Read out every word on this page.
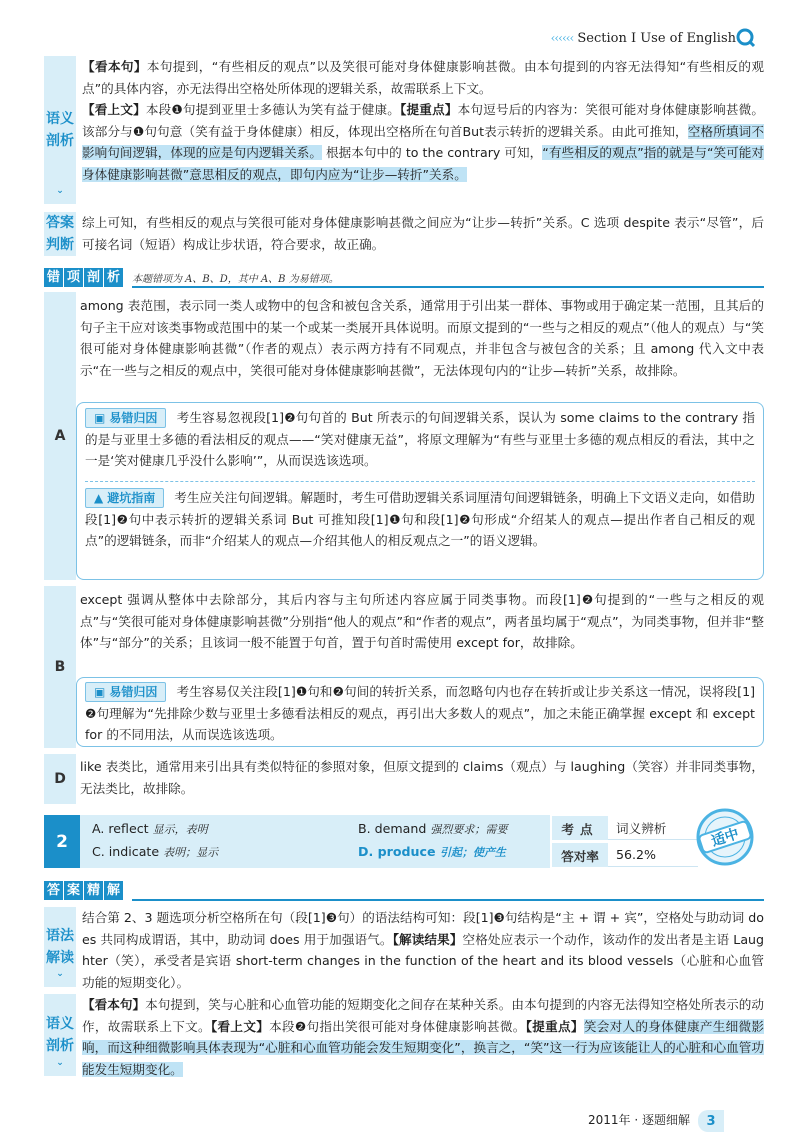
‹‹‹‹‹‹ Section I Use of English
语义
剖析
⌄
【看本句】本句提到，“有些相反的观点”以及笑很可能对身体健康影响甚微。由本句提到的内容无法得知“有些相反的观点”的具体内容，亦无法得出空格处所体现的逻辑关系，故需联系上下文。
【看上文】本段❶句提到亚里士多德认为笑有益于健康。【提重点】本句逗号后的内容为：笑很可能对身体健康影响甚微。该部分与❶句句意（笑有益于身体健康）相反，体现出空格所在句首But表示转折的逻辑关系。由此可推知，空格所填词不影响句间逻辑，体现的应是句内逻辑关系。 根据本句中的 to the contrary 可知，“有些相反的观点”指的就是与“笑可能对身体健康影响甚微”意思相反的观点，即句内应为“让步—转折”关系。
答案
判断
综上可知，有些相反的观点与笑很可能对身体健康影响甚微之间应为“让步—转折”关系。C 选项 despite 表示“尽管”，后可接名词（短语）构成让步状语，符合要求，故正确。
错 项 剖 析	本题错项为 A、B、D，其中 A、B 为易错项。
A
among 表范围，表示同一类人或物中的包含和被包含关系，通常用于引出某一群体、事物或用于确定某一范围，且其后的句子主干应对该类事物或范围中的某一个或某一类展开具体说明。而原文提到的“一些与之相反的观点”（他人的观点）与“笑很可能对身体健康影响甚微”（作者的观点）表示两方持有不同观点，并非包含与被包含的关系；且 among 代入文中表示“在一些与之相反的观点中，笑很可能对身体健康影响甚微”，无法体现句内的“让步—转折”关系，故排除。
▣ 易错归因 考生容易忽视段[1]❷句句首的 But 所表示的句间逻辑关系，误认为 some claims to the contrary 指的是与亚里士多德的看法相反的观点——“笑对健康无益”，将原文理解为“有些与亚里士多德的观点相反的看法，其中之一是‘笑对健康几乎没什么影响’”，从而误选该选项。
▲ 避坑指南 考生应关注句间逻辑。解题时，考生可借助逻辑关系词厘清句间逻辑链条，明确上下文语义走向，如借助段[1]❷句中表示转折的逻辑关系词 But 可推知段[1]❶句和段[1]❷句形成“介绍某人的观点—提出作者自己相反的观点”的逻辑链条，而非“介绍某人的观点—介绍其他人的相反观点之一”的语义逻辑。
B
except 强调从整体中去除部分，其后内容与主句所述内容应属于同类事物。而段[1]❷句提到的“一些与之相反的观点”与“笑很可能对身体健康影响甚微”分别指“他人的观点”和“作者的观点”，两者虽均属于“观点”，为同类事物，但并非“整体”与“部分”的关系；且该词一般不能置于句首，置于句首时需使用 except for，故排除。
▣ 易错归因 考生容易仅关注段[1]❶句和❷句间的转折关系，而忽略句内也存在转折或让步关系这一情况，误将段[1]❷句理解为“先排除少数与亚里士多德看法相反的观点，再引出大多数人的观点”，加之未能正确掌握 except 和 except for 的不同用法，从而误选该选项。
D
like 表类比，通常用来引出具有类似特征的参照对象，但原文提到的 claims（观点）与 laughing（笑容）并非同类事物，无法类比，故排除。
2
A. reflect 显示，表明	B. demand 强烈要求；需要
C. indicate 表明；显示	D. produce 引起；使产生
考点	词义辨析
答对率	56.2%
适中
答 案 精 解
语法
解读
⌄
结合第 2、3 题选项分析空格所在句（段[1]❸句）的语法结构可知：段[1]❸句结构是“主 + 谓 + 宾”，空格处与助动词 does 共同构成谓语，其中，助动词 does 用于加强语气。【解读结果】空格处应表示一个动作，该动作的发出者是主语 Laughter（笑），承受者是宾语 short-term changes in the function of the heart and its blood vessels（心脏和心血管功能的短期变化）。
语义
剖析
⌄
【看本句】本句提到，笑与心脏和心血管功能的短期变化之间存在某种关系。由本句提到的内容无法得知空格处所表示的动作，故需联系上下文。【看上文】本段❷句指出笑很可能对身体健康影响甚微。【提重点】笑会对人的身体健康产生细微影响，而这种细微影响具体表现为“心脏和心血管功能会发生短期变化”，换言之，“笑”这一行为应该能让人的心脏和心血管功能发生短期变化。
2011年 · 逐题细解 3
